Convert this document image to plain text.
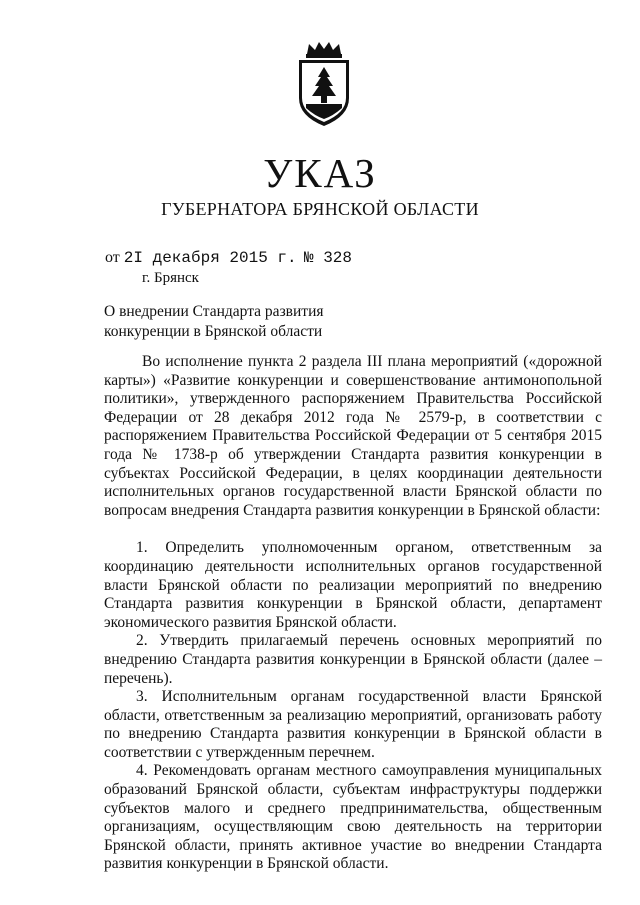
УКАЗ
ГУБЕРНАТОРА БРЯНСКОЙ ОБЛАСТИ
от 2I декабря 2015 г. № 328
г. Брянск
О внедрении Стандарта развития
конкуренции в Брянской области

Во исполнение пункта 2 раздела III плана мероприятий («дорожной карты») «Развитие конкуренции и совершенствование антимонопольной политики», утвержденного распоряжением Правительства Российской Федерации от 28 декабря 2012 года № 2579-р, в соответствии с распоряжением Правительства Российской Федерации от 5 сентября 2015 года № 1738-р об утверждении Стандарта развития конкуренции в субъектах Российской Федерации, в целях координации деятельности исполнительных органов государственной власти Брянской области по вопросам внедрения Стандарта развития конкуренции в Брянской области:

1. Определить уполномоченным органом, ответственным за координацию деятельности исполнительных органов государственной власти Брянской области по реализации мероприятий по внедрению Стандарта развития конкуренции в Брянской области, департамент экономического развития Брянской области.

2. Утвердить прилагаемый перечень основных мероприятий по внедрению Стандарта развития конкуренции в Брянской области (далее – перечень).

3. Исполнительным органам государственной власти Брянской области, ответственным за реализацию мероприятий, организовать работу по внедрению Стандарта развития конкуренции в Брянской области в соответствии с утвержденным перечнем.

4. Рекомендовать органам местного самоуправления муниципальных образований Брянской области, субъектам инфраструктуры поддержки субъектов малого и среднего предпринимательства, общественным организациям, осуществляющим свою деятельность на территории Брянской области, принять активное участие во внедрении Стандарта развития конкуренции в Брянской области.
